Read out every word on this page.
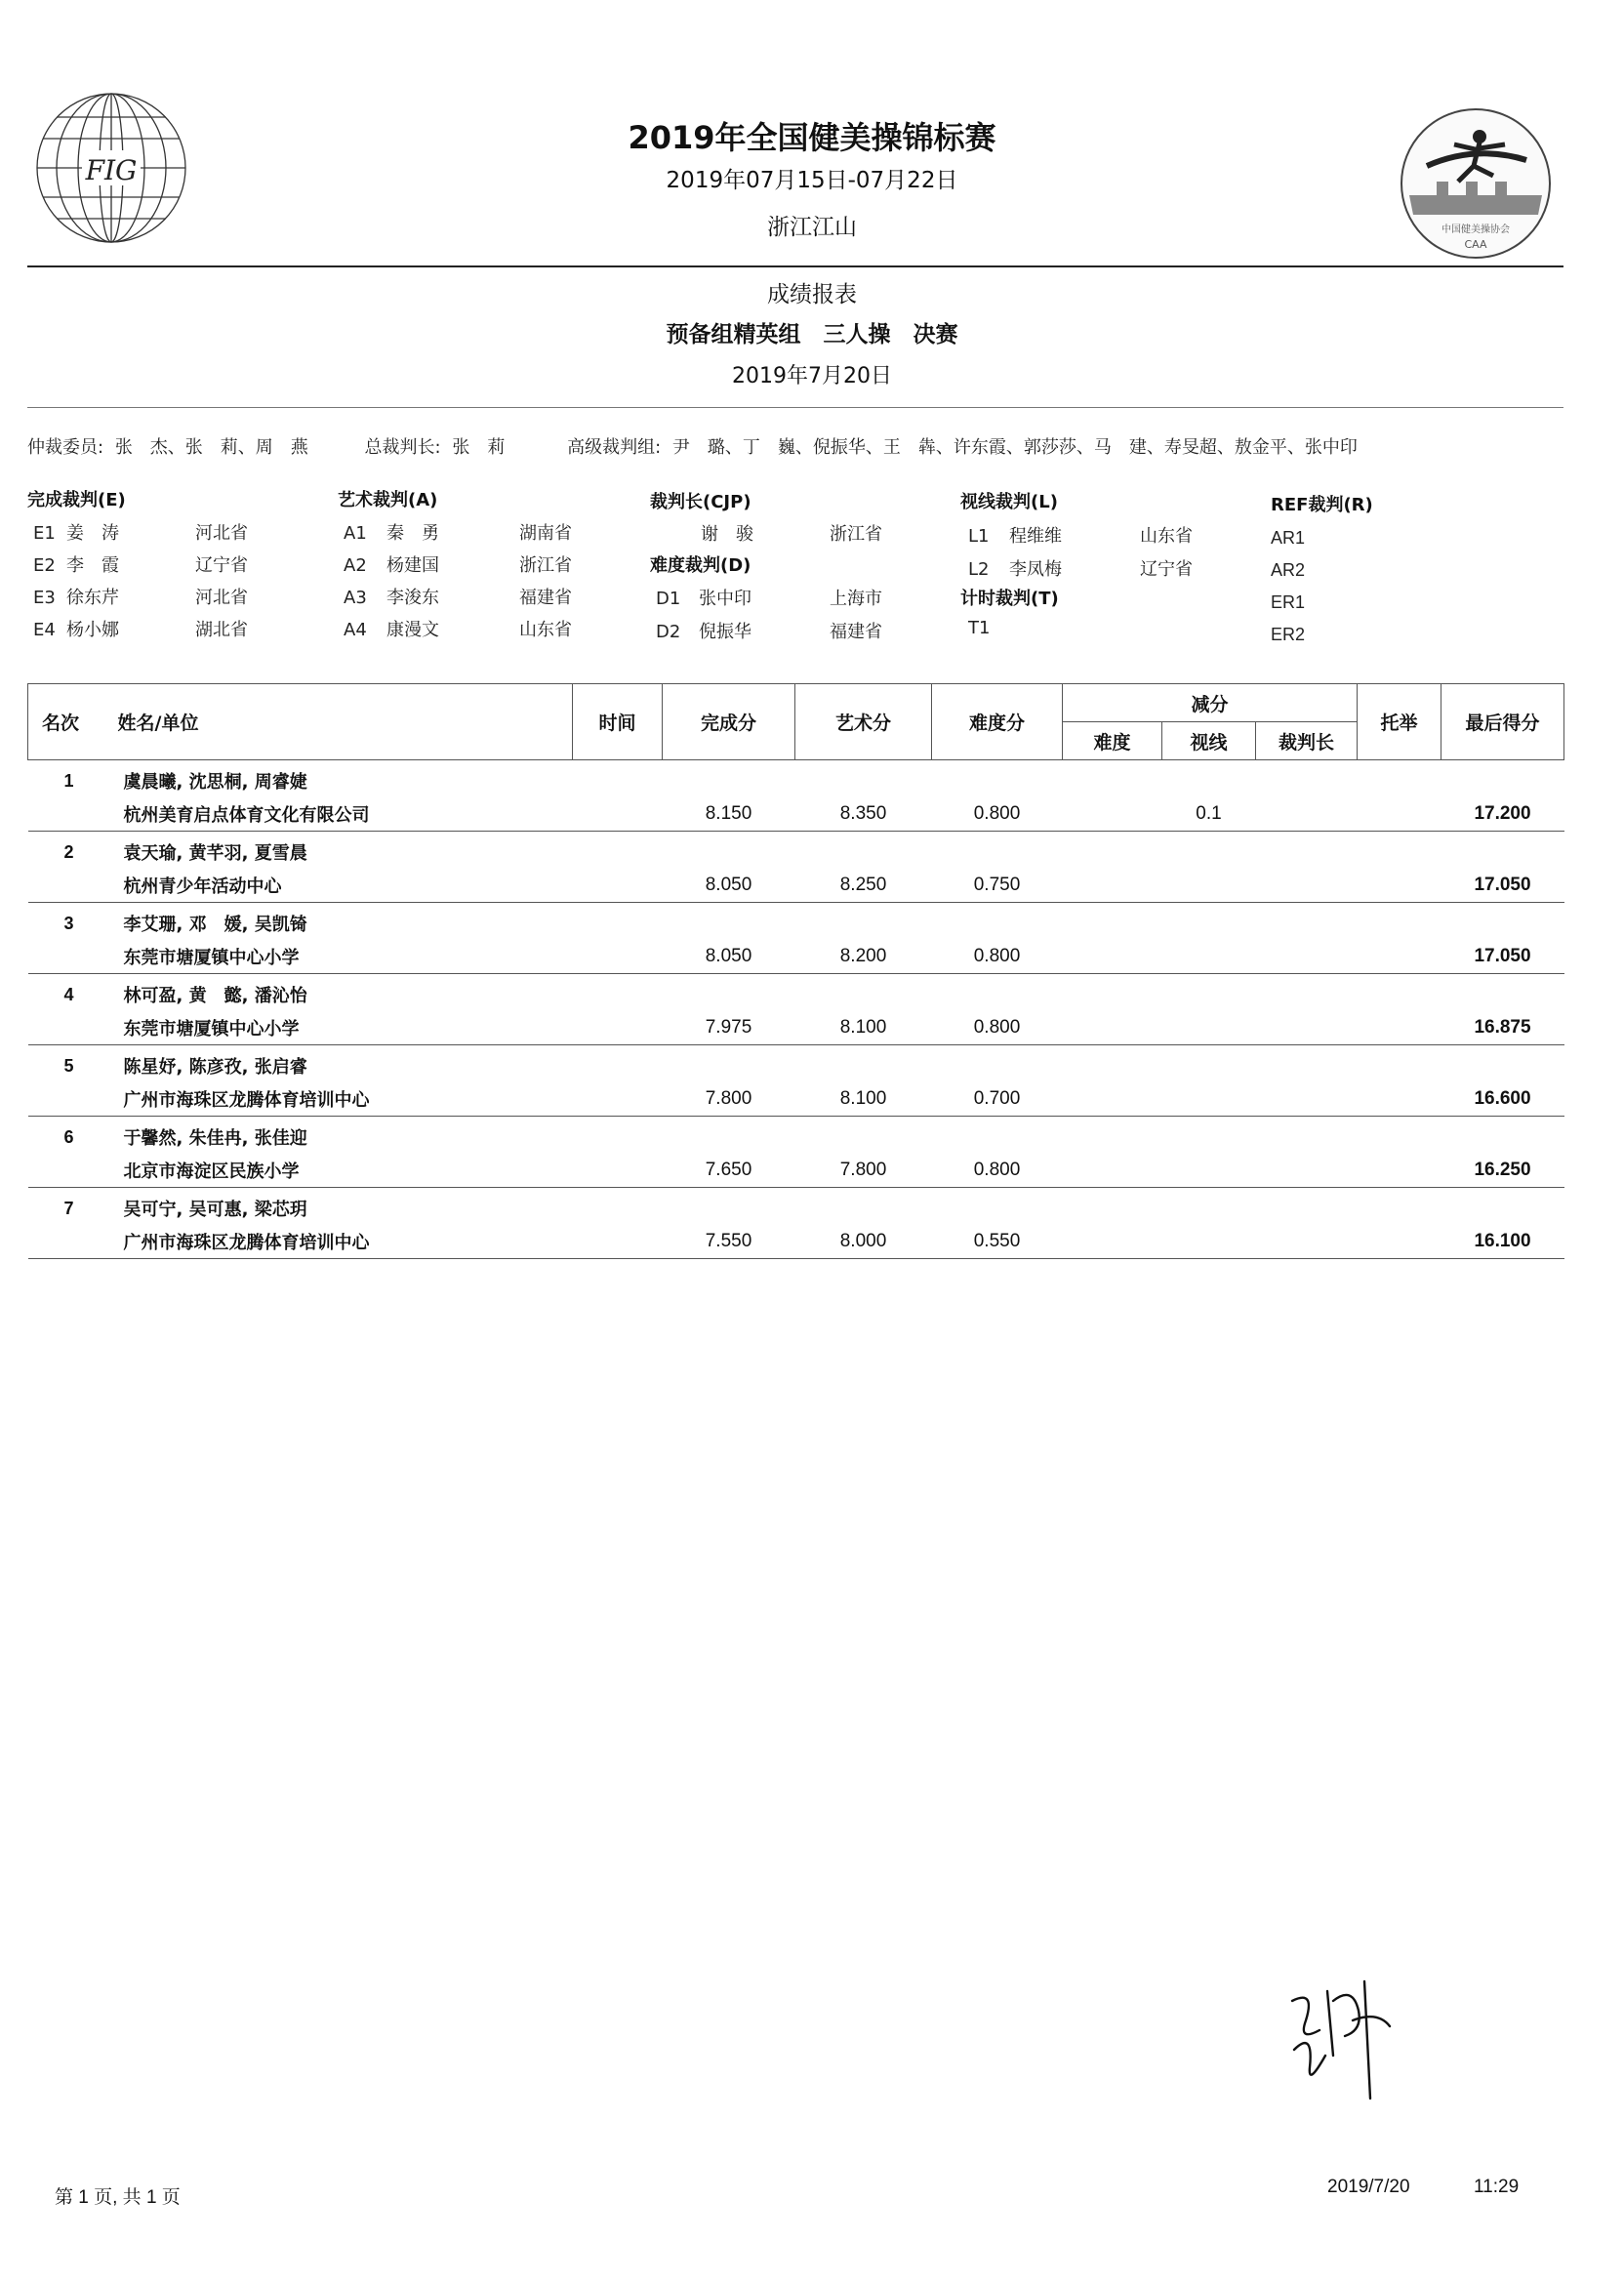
FIG
中国健美操协会
CAA
2019年全国健美操锦标赛
2019年07月15日-07月22日
浙江江山
成绩报表
预备组精英组　三人操　决赛
2019年7月20日
仲裁委员: 张　杰、张　莉、周　燕	总裁判长: 张　莉	高级裁判组: 尹　璐、丁　巍、倪振华、王　犇、许东霞、郭莎莎、马　建、寿旻超、敖金平、张中印
完成裁判(E)
E1 姜　涛	河北省
E2 李　霞	辽宁省
E3 徐东芹	河北省
E4 杨小娜	湖北省
艺术裁判(A)
A1 秦　勇	湖南省
A2 杨建国	浙江省
A3 李浚东	福建省
A4 康漫文	山东省
裁判长(CJP)
谢　骏	浙江省
难度裁判(D)
D1 张中印	上海市
D2 倪振华	福建省
视线裁判(L)
L1 程维维	山东省
L2 李凤梅	辽宁省
计时裁判(T)
T1
REF裁判(R)
AR1
AR2
ER1
ER2
名次	姓名/单位	时间	完成分	艺术分	难度分	减分			托举	最后得分
						难度	视线	裁判长		
1	虞晨曦, 沈思桐, 周睿婕									
	杭州美育启点体育文化有限公司		8.150	8.350	0.800		0.1			17.200
2	袁天瑜, 黄芊羽, 夏雪晨									
	杭州青少年活动中心		8.050	8.250	0.750					17.050
3	李艾珊, 邓　媛, 吴凯锜									
	东莞市塘厦镇中心小学		8.050	8.200	0.800					17.050
4	林可盈, 黄　懿, 潘沁怡									
	东莞市塘厦镇中心小学		7.975	8.100	0.800					16.875
5	陈星妤, 陈彦孜, 张启睿									
	广州市海珠区龙腾体育培训中心		7.800	8.100	0.700					16.600
6	于馨然, 朱佳冉, 张佳迎									
	北京市海淀区民族小学		7.650	7.800	0.800					16.250
7	吴可宁, 吴可惠, 梁芯玥									
	广州市海珠区龙腾体育培训中心		7.550	8.000	0.550					16.100
第 1 页, 共 1 页
2019/7/20	11:29
